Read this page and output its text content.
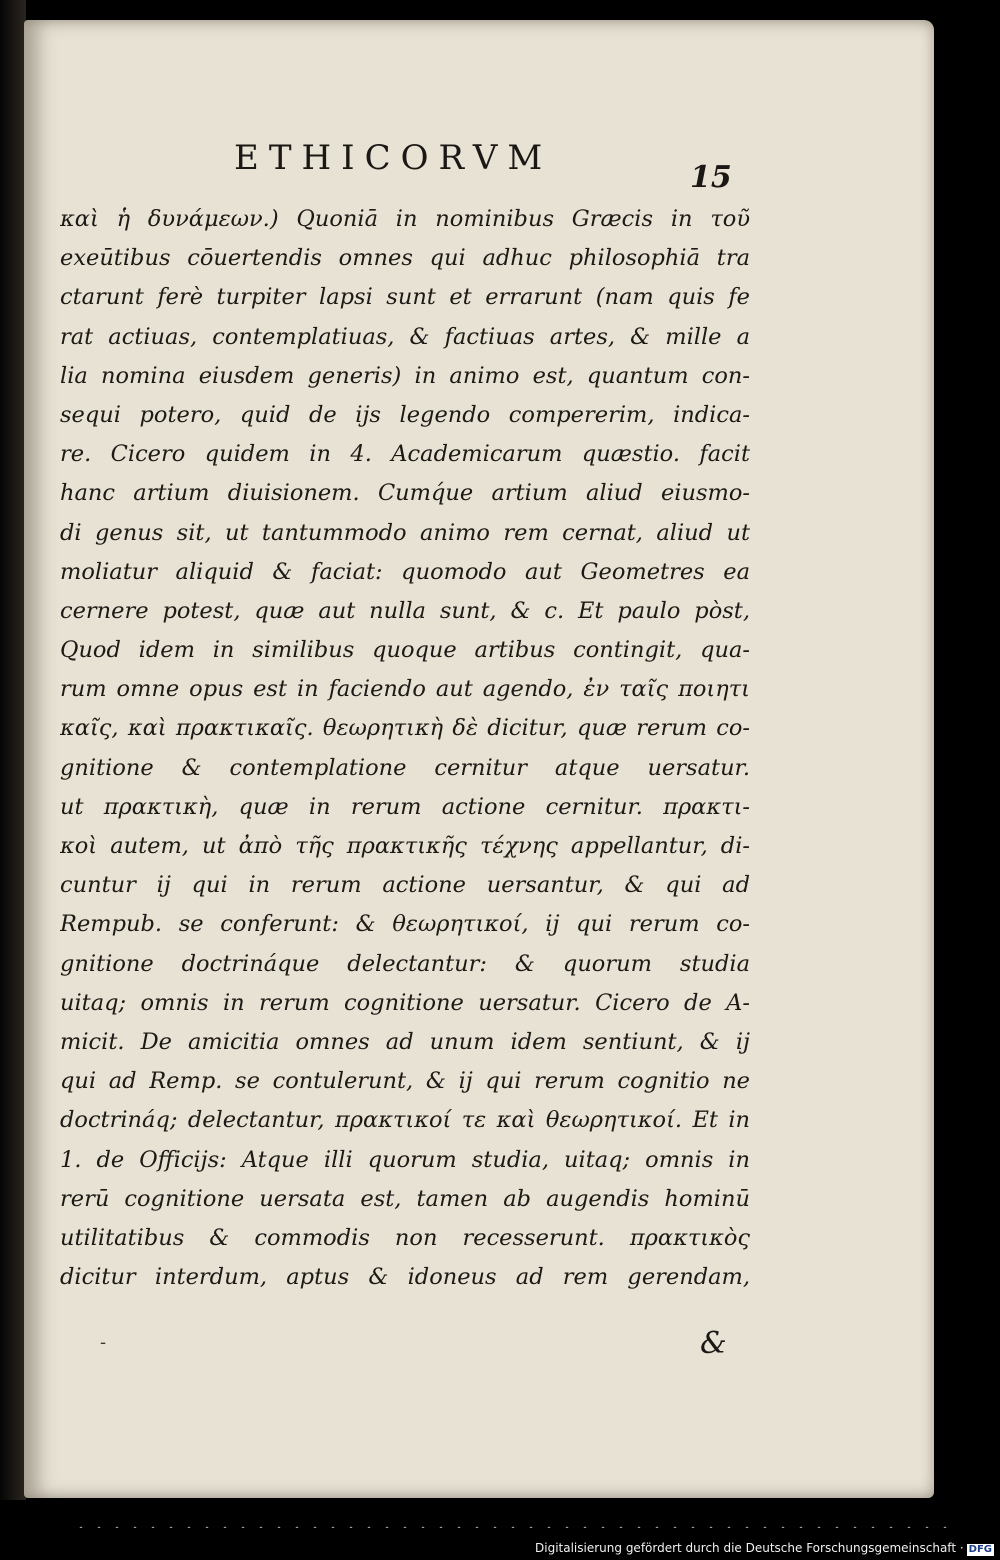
ETHICORVM	15
καὶ ἡ δυνάμεων.) Quoniā in nominibus Græcis in τοῦ
exeūtibus cōuertendis omnes qui adhuc philosophiā tra
ctarunt ferè turpiter lapsi sunt et errarunt (nam quis fe
rat actiuas, contemplatiuas, & factiuas artes, & mille a
lia nomina eiusdem generis) in animo est, quantum con-
sequi potero, quid de ijs legendo compererim, indica-
re. Cicero quidem in 4. Academicarum quæstio. facit
hanc artium diuisionem. Cumq́ue artium aliud eiusmo-
di genus sit, ut tantummodo animo rem cernat, aliud ut
moliatur aliquid & faciat: quomodo aut Geometres ea
cernere potest, quæ aut nulla sunt, & c. Et paulo pòst,
Quod idem in similibus quoque artibus contingit, qua-
rum omne opus est in faciendo aut agendo, ἐν ταῖς ποιητι
καῖς, καὶ πρακτικαῖς. θεωρητικὴ δὲ dicitur, quæ rerum co-
gnitione & contemplatione cernitur atque uersatur.
ut πρακτικὴ, quæ in rerum actione cernitur. πρακτι-
κοὶ autem, ut ἀπὸ τῆς πρακτικῆς τέχνης appellantur, di-
cuntur ij qui in rerum actione uersantur, & qui ad
Rempub. se conferunt: & θεωρητικοί, ij qui rerum co-
gnitione doctrináque delectantur: & quorum studia
uitaq; omnis in rerum cognitione uersatur. Cicero de A-
micit. De amicitia omnes ad unum idem sentiunt, & ij
qui ad Remp. se contulerunt, & ij qui rerum cognitio ne
doctrináq; delectantur, πρακτικοί τε καὶ θεωρητικοί. Et in
1. de Officijs: Atque illi quorum studia, uitaq; omnis in
rerū cognitione uersata est, tamen ab augendis hominū
utilitatibus & commodis non recesserunt. πρακτικὸς
dicitur interdum, aptus & idoneus ad rem gerendam,
-	&
Digitalisierung gefördert durch die Deutsche Forschungsgemeinschaft · DFG
